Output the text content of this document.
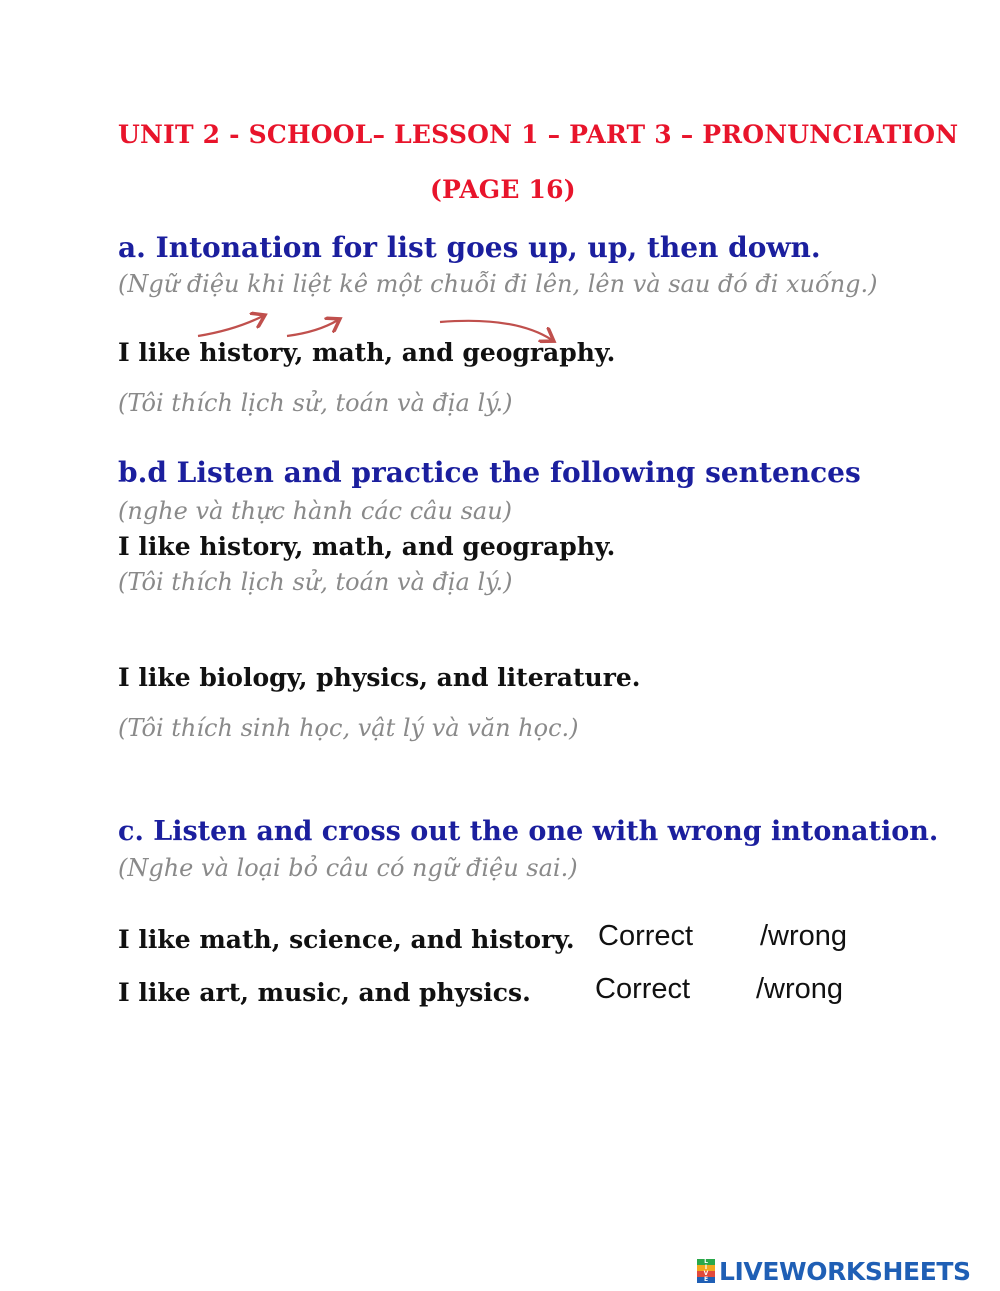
UNIT 2 - SCHOOL– LESSON 1 – PART 3 – PRONUNCIATION
(PAGE 16)
a. Intonation for list goes up, up, then down.
(Ngữ điệu khi liệt kê một chuỗi đi lên, lên và sau đó đi xuống.)
I like history, math, and geography.
(Tôi thích lịch sử, toán và địa lý.)
b.d Listen and practice the following sentences
(nghe và thực hành các câu sau)
I like history, math, and geography.
(Tôi thích lịch sử, toán và địa lý.)
I like biology, physics, and literature.
(Tôi thích sinh học, vật lý và văn học.)
c. Listen and cross out the one with wrong intonation.
(Nghe và loại bỏ câu có ngữ điệu sai.)
I like math, science, and history. Correct /wrong
I like art, music, and physics. Correct /wrong
L
I
V
E LIVEWORKSHEETS
